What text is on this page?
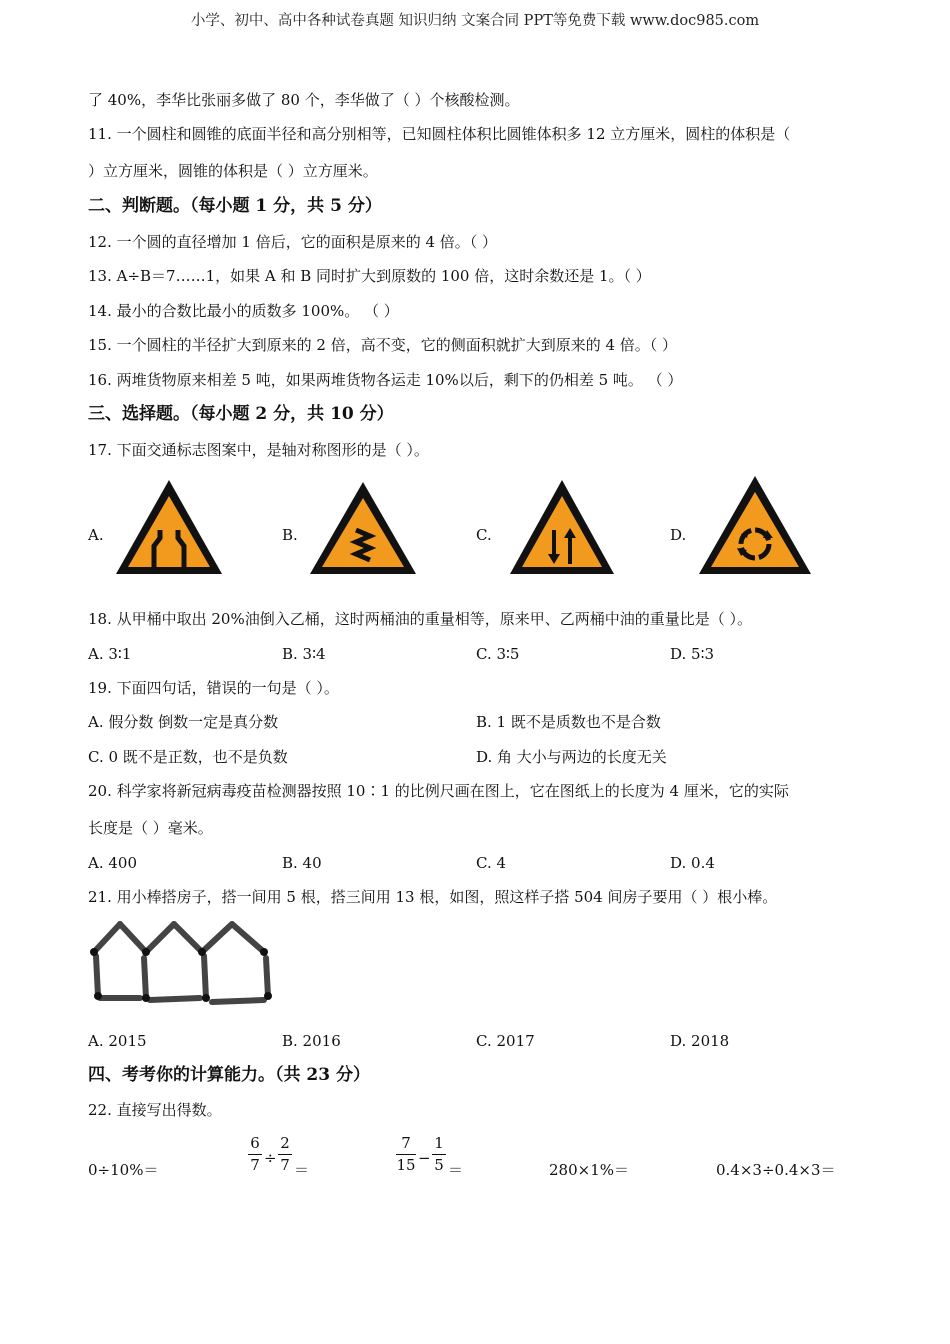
小学、初中、高中各种试卷真题 知识归纳 文案合同 PPT等免费下载 www.doc985.com
了 40%，李华比张丽多做了 80 个，李华做了（ ）个核酸检测。
11. 一个圆柱和圆锥的底面半径和高分别相等，已知圆柱体积比圆锥体积多 12 立方厘米，圆柱的体积是（
）立方厘米，圆锥的体积是（ ）立方厘米。
二、判断题。（每小题 1 分，共 5 分）
12. 一个圆的直径增加 1 倍后，它的面积是原来的 4 倍。（ ）
13. A÷B＝7……1，如果 A 和 B 同时扩大到原数的 100 倍，这时余数还是 1。（ ）
14. 最小的合数比最小的质数多 100%。 （ ）
15. 一个圆柱的半径扩大到原来的 2 倍，高不变，它的侧面积就扩大到原来的 4 倍。（ ）
16. 两堆货物原来相差 5 吨，如果两堆货物各运走 10%以后，剩下的仍相差 5 吨。 （ ）
三、选择题。（每小题 2 分，共 10 分）
17. 下面交通标志图案中，是轴对称图形的是（ ）。
A.	B.	C.	D.
18. 从甲桶中取出 20%油倒入乙桶，这时两桶油的重量相等，原来甲、乙两桶中油的重量比是（ ）。
A. 3∶1	B. 3∶4	C. 3∶5	D. 5∶3
19. 下面四句话，错误的一句是（ ）。
A. 假分数 倒数一定是真分数	B. 1 既不是质数也不是合数
C. 0 既不是正数，也不是负数	D. 角 大小与两边的长度无关
20. 科学家将新冠病毒疫苗检测器按照 10∶1 的比例尺画在图上，它在图纸上的长度为 4 厘米，它的实际
长度是（ ）毫米。
A. 400	B. 40	C. 4	D. 0.4
21. 用小棒搭房子，搭一间用 5 根，搭三间用 13 根，如图，照这样子搭 504 间房子要用（ ）根小棒。
A. 2015	B. 2016	C. 2017	D. 2018
四、考考你的计算能力。（共 23 分）
22. 直接写出得数。
0÷10%＝
6
7 ÷
2
7 ＝
7
15 −
1
5 ＝	280×1%＝	0.4×3÷0.4×3＝
